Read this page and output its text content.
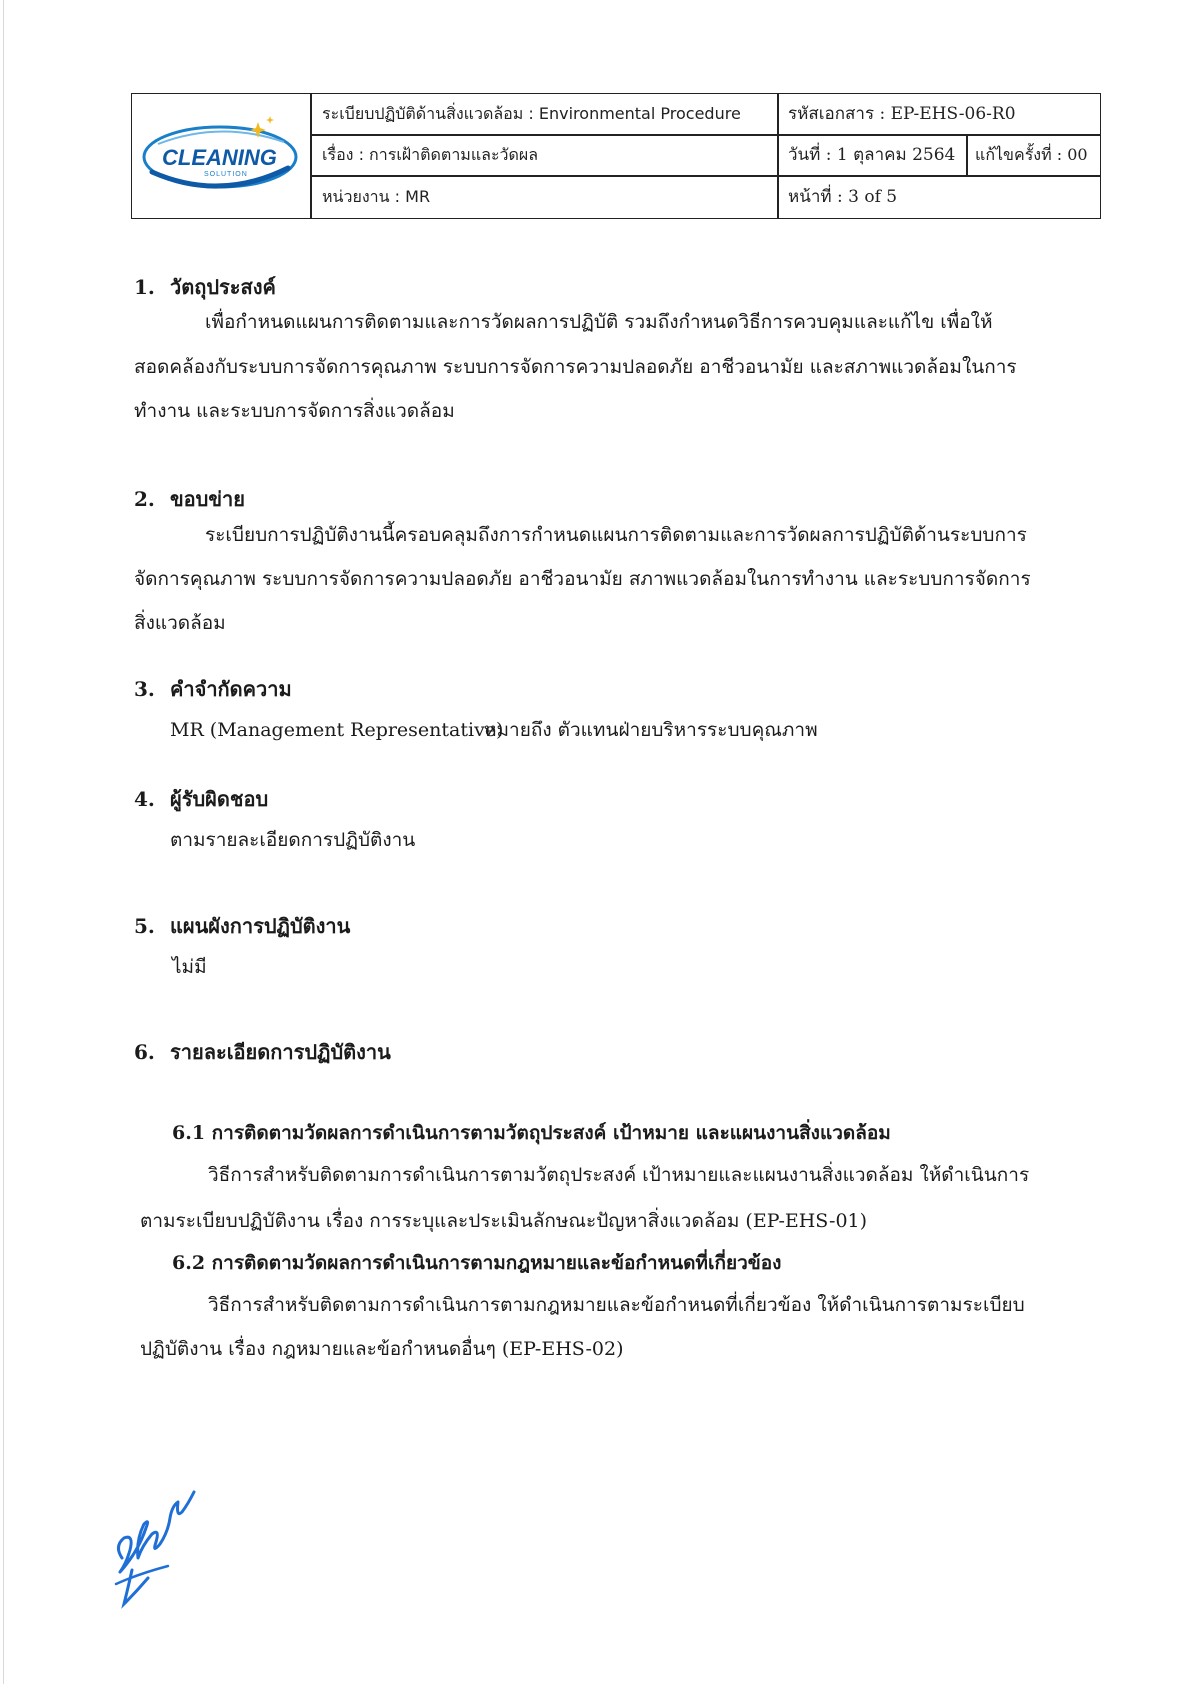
CLEANING
SOLUTION
ระเบียบปฏิบัติด้านสิ่งแวดล้อม : Environmental Procedure	รหัสเอกสาร : EP-EHS-06-R0
เรื่อง : การเฝ้าติดตามและวัดผล	วันที่ : 1 ตุลาคม 2564 แก้ไขครั้งที่ : 00
หน่วยงาน : MR	หน้าที่ : 3 of 5
1. วัตถุประสงค์
เพื่อกำหนดแผนการติดตามและการวัดผลการปฏิบัติ รวมถึงกำหนดวิธีการควบคุมและแก้ไข เพื่อให้
สอดคล้องกับระบบการจัดการคุณภาพ ระบบการจัดการความปลอดภัย อาชีวอนามัย และสภาพแวดล้อมในการ
ทำงาน และระบบการจัดการสิ่งแวดล้อม
2. ขอบข่าย
ระเบียบการปฏิบัติงานนี้ครอบคลุมถึงการกำหนดแผนการติดตามและการวัดผลการปฏิบัติด้านระบบการ
จัดการคุณภาพ ระบบการจัดการความปลอดภัย อาชีวอนามัย สภาพแวดล้อมในการทำงาน และระบบการจัดการ
สิ่งแวดล้อม
3. คำจำกัดความ
MR (Management Representative)
หมายถึง ตัวแทนฝ่ายบริหารระบบคุณภาพ
4. ผู้รับผิดชอบ
ตามรายละเอียดการปฏิบัติงาน
5. แผนผังการปฏิบัติงาน
ไม่มี
6. รายละเอียดการปฏิบัติงาน
6.1 การติดตามวัดผลการดำเนินการตามวัตถุประสงค์ เป้าหมาย และแผนงานสิ่งแวดล้อม
วิธีการสำหรับติดตามการดำเนินการตามวัตถุประสงค์ เป้าหมายและแผนงานสิ่งแวดล้อม ให้ดำเนินการ
ตามระเบียบปฏิบัติงาน เรื่อง การระบุและประเมินลักษณะปัญหาสิ่งแวดล้อม (EP-EHS-01)
6.2 การติดตามวัดผลการดำเนินการตามกฎหมายและข้อกำหนดที่เกี่ยวข้อง
วิธีการสำหรับติดตามการดำเนินการตามกฎหมายและข้อกำหนดที่เกี่ยวข้อง ให้ดำเนินการตามระเบียบ
ปฏิบัติงาน เรื่อง กฎหมายและข้อกำหนดอื่นๆ (EP-EHS-02)
